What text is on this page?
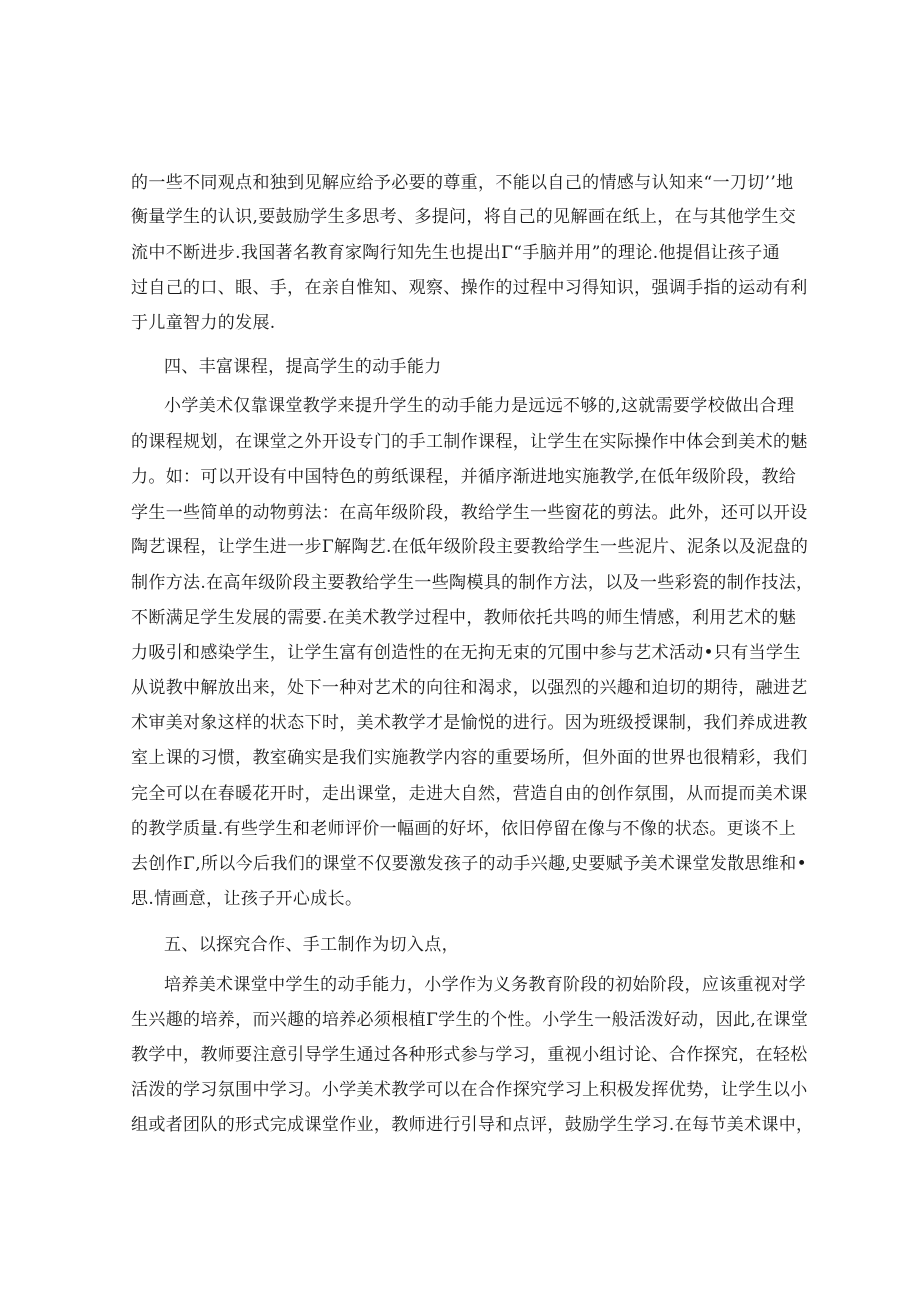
的一些不同观点和独到见解应给予必要的尊重，不能以自己的情感与认知来“一刀切’’地
衡量学生的认识,要鼓励学生多思考、多提问，将自己的见解画在纸上，在与其他学生交
流中不断进步.我国著名教育家陶行知先生也提出Γ“手脑并用”的理论.他提倡让孩子通
过自己的口、眼、手，在亲自惟知、观察、操作的过程中习得知识，强调手指的运动有利
于儿童智力的发展.
四、丰富课程，提高学生的动手能力
小学美术仅靠课堂教学来提升学生的动手能力是远远不够的,这就需要学校做出合理
的课程规划，在课堂之外开设专门的手工制作课程，让学生在实际操作中体会到美术的魅
力。如：可以开设有中国特色的剪纸课程，并循序渐进地实施教学,在低年级阶段，教给
学生一些简单的动物剪法：在高年级阶段，教给学生一些窗花的剪法。此外，还可以开设
陶艺课程，让学生进一步Γ解陶艺.在低年级阶段主要教给学生一些泥片、泥条以及泥盘的
制作方法.在高年级阶段主要教给学生一些陶模具的制作方法，以及一些彩瓷的制作技法，
不断满足学生发展的需要.在美术教学过程中，教师依托共鸣的师生情感，利用艺术的魅
力吸引和感染学生，让学生富有创造性的在无拘无束的冗围中参与艺术活动•只有当学生
从说教中解放出来，处下一种对艺术的向往和渴求，以强烈的兴趣和迫切的期待，融进艺
术审美对象这样的状态下时，美术教学才是愉悦的进行。因为班级授课制，我们养成进教
室上课的习惯，教室确实是我们实施教学内容的重要场所，但外面的世界也很精彩，我们
完全可以在春暖花开时，走出课堂，走进大自然，营造自由的创作氛围，从而提而美术课
的教学质量.有些学生和老师评价一幅画的好坏，依旧停留在像与不像的状态。更谈不上
去创作Γ,所以今后我们的课堂不仅要激发孩子的动手兴趣,史要赋予美术课堂发散思维和•
思.情画意，让孩子开心成长。
五、以探究合作、手工制作为切入点，
培养美术课堂中学生的动手能力，小学作为义务教育阶段的初始阶段，应该重视对学
生兴趣的培养，而兴趣的培养必须根植Γ学生的个性。小学生一般活泼好动，因此,在课堂
教学中，教师要注意引导学生通过各种形式参与学习，重视小组讨论、合作探究，在轻松
活泼的学习氛围中学习。小学美术教学可以在合作探究学习上积极发挥优势，让学生以小
组或者团队的形式完成课堂作业，教师进行引导和点评，鼓励学生学习.在每节美术课中，
